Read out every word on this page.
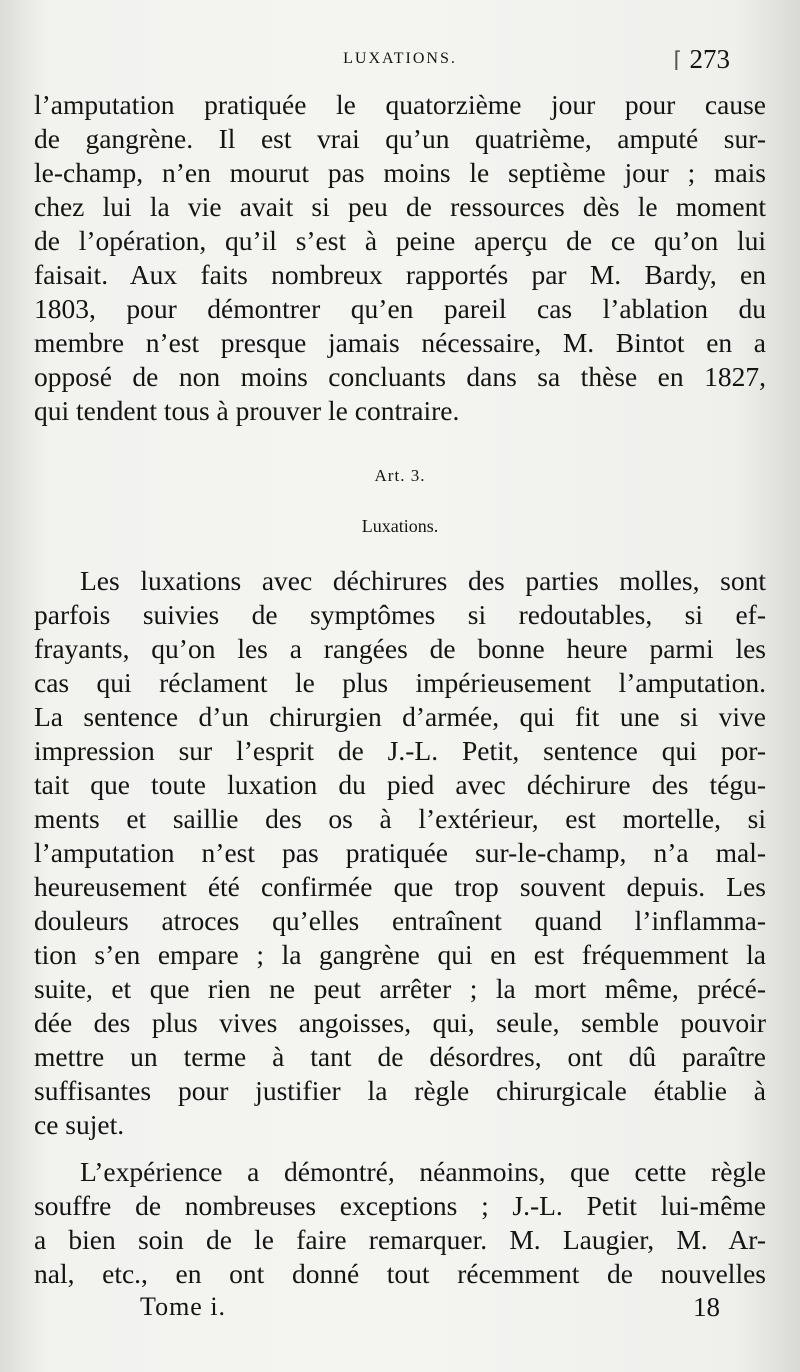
LUXATIONS.	⌈ 273
l’amputation pratiquée le quatorzième jour pour cause
de gangrène. Il est vrai qu’un quatrième, amputé sur-
le-champ, n’en mourut pas moins le septième jour ; mais
chez lui la vie avait si peu de ressources dès le moment
de l’opération, qu’il s’est à peine aperçu de ce qu’on lui
faisait. Aux faits nombreux rapportés par M. Bardy, en
1803, pour démontrer qu’en pareil cas l’ablation du
membre n’est presque jamais nécessaire, M. Bintot en a
opposé de non moins concluants dans sa thèse en 1827,
qui tendent tous à prouver le contraire.
Art. 3.
Luxations.
Les luxations avec déchirures des parties molles, sont
parfois suivies de symptômes si redoutables, si ef-
frayants, qu’on les a rangées de bonne heure parmi les
cas qui réclament le plus impérieusement l’amputation.
La sentence d’un chirurgien d’armée, qui fit une si vive
impression sur l’esprit de J.-L. Petit, sentence qui por-
tait que toute luxation du pied avec déchirure des tégu-
ments et saillie des os à l’extérieur, est mortelle, si
l’amputation n’est pas pratiquée sur-le-champ, n’a mal-
heureusement été confirmée que trop souvent depuis. Les
douleurs atroces qu’elles entraînent quand l’inflamma-
tion s’en empare ; la gangrène qui en est fréquemment la
suite, et que rien ne peut arrêter ; la mort même, précé-
dée des plus vives angoisses, qui, seule, semble pouvoir
mettre un terme à tant de désordres, ont dû paraître
suffisantes pour justifier la règle chirurgicale établie à
ce sujet.
L’expérience a démontré, néanmoins, que cette règle
souffre de nombreuses exceptions ; J.-L. Petit lui-même
a bien soin de le faire remarquer. M. Laugier, M. Ar-
nal, etc., en ont donné tout récemment de nouvelles
Tome i.	18
